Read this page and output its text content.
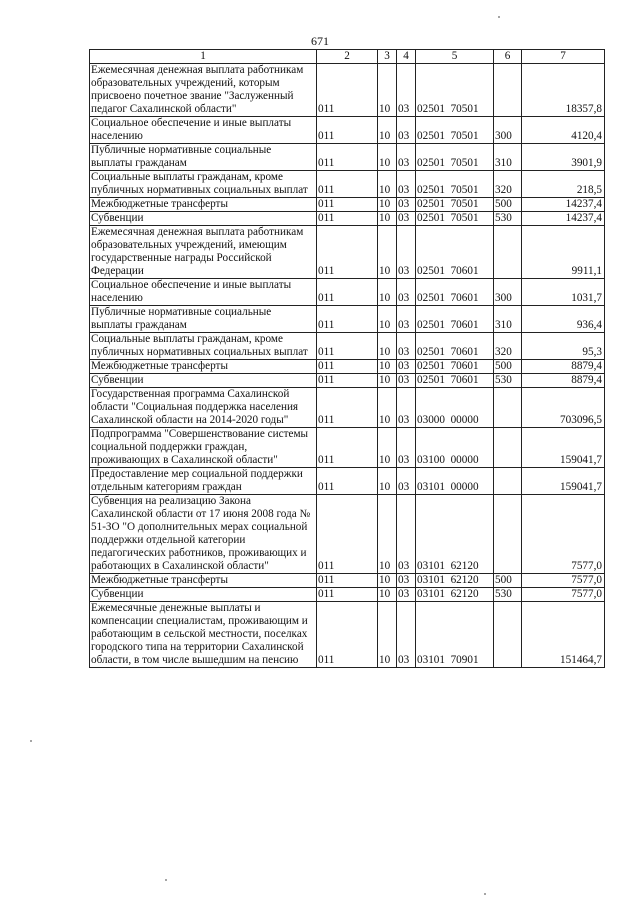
671
1	2	3	4	5	6	7
Ежемесячная денежная выплата работникам образовательных учреждений, которым присвоено почетное звание "Заслуженный педагог Сахалинской области"	011	10	03	02501  70501		18357,8
Социальное обеспечение и иные выплаты населению	011	10	03	02501  70501	300	4120,4
Публичные нормативные социальные выплаты гражданам	011	10	03	02501  70501	310	3901,9
Социальные выплаты гражданам, кроме публичных нормативных социальных выплат	011	10	03	02501  70501	320	218,5
Межбюджетные трансферты	011	10	03	02501  70501	500	14237,4
Субвенции	011	10	03	02501  70501	530	14237,4
Ежемесячная денежная выплата работникам образовательных учреждений, имеющим государственные награды Российской Федерации	011	10	03	02501  70601		9911,1
Социальное обеспечение и иные выплаты населению	011	10	03	02501  70601	300	1031,7
Публичные нормативные социальные выплаты гражданам	011	10	03	02501  70601	310	936,4
Социальные выплаты гражданам, кроме публичных нормативных социальных выплат	011	10	03	02501  70601	320	95,3
Межбюджетные трансферты	011	10	03	02501  70601	500	8879,4
Субвенции	011	10	03	02501  70601	530	8879,4
Государственная программа Сахалинской области "Социальная поддержка населения Сахалинской области на 2014-2020 годы"	011	10	03	03000  00000		703096,5
Подпрограмма "Совершенствование системы социальной поддержки граждан, проживающих в Сахалинской области"	011	10	03	03100  00000		159041,7
Предоставление мер социальной поддержки отдельным категориям граждан	011	10	03	03101  00000		159041,7
Субвенция на реализацию Закона Сахалинской области от 17 июня 2008 года № 51-ЗО "О дополнительных мерах социальной поддержки отдельной категории педагогических работников, проживающих и работающих в Сахалинской области"	011	10	03	03101  62120		7577,0
Межбюджетные трансферты	011	10	03	03101  62120	500	7577,0
Субвенции	011	10	03	03101  62120	530	7577,0
Ежемесячные денежные выплаты и компенсации специалистам, проживающим и работающим в сельской местности, поселках городского типа на территории Сахалинской области, в том числе вышедшим на пенсию	011	10	03	03101  70901		151464,7
